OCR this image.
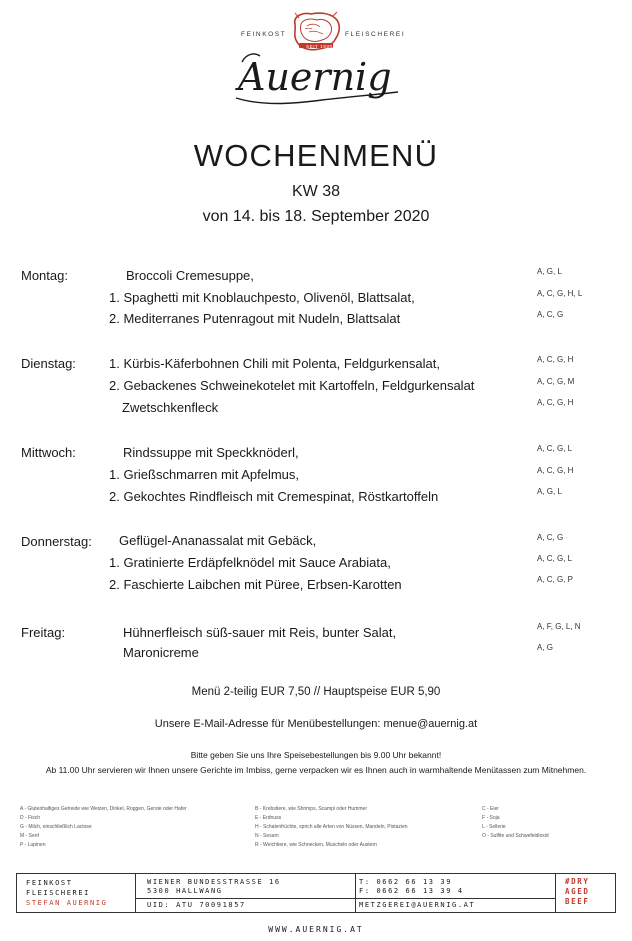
FEINKOST	FLEISCHEREI
SEIT 1930
Auernig
WOCHENMENÜ
KW 38
von 14. bis 18. September 2020
Montag:	Broccoli Cremesuppe,	A, G, L
1. Spaghetti mit Knoblauchpesto, Olivenöl, Blattsalat,	A, C, G, H, L
2. Mediterranes Putenragout mit Nudeln, Blattsalat	A, C, G
Dienstag:	1. Kürbis-Käferbohnen Chili mit Polenta, Feldgurkensalat,	A, C, G, H
2. Gebackenes Schweinekotelet mit Kartoffeln, Feldgurkensalat	A, C, G, M
Zwetschkenfleck	A, C, G, H
Mittwoch:	Rindssuppe mit Speckknöderl,	A, C, G, L
1. Grießschmarren mit Apfelmus,	A, C, G, H
2. Gekochtes Rindfleisch mit Cremespinat, Röstkartoffeln	A, G, L
Donnerstag: Geflügel-Ananassalat mit Gebäck,	A, C, G
1. Gratinierte Erdäpfelknödel mit Sauce Arabiata,	A, C, G, L
2. Faschierte Laibchen mit Püree, Erbsen-Karotten	A, C, G, P
Freitag:	Hühnerfleisch süß-sauer mit Reis, bunter Salat,	A, F, G, L, N
Maronicreme	A, G
Menü 2-teilig EUR 7,50 // Hauptspeise EUR 5,90
Unsere E-Mail-Adresse für Menübestellungen: menue@auernig.at
Bitte geben Sie uns Ihre Speisebestellungen bis 9.00 Uhr bekannt!
Ab 11.00 Uhr servieren wir Ihnen unsere Gerichte im Imbiss, gerne verpacken wir es Ihnen auch in warmhaltende Menütassen zum Mitnehmen.
A - Glutenhaltiges Getreide wie Weizen, Dinkel, Roggen, Gerste oder Hafer
D - Fisch
G - Milch, einschließlich Lactose
M - Senf
P - Lupinen
B - Krebstiere, wie Shrimps, Scampi oder Hummer
E - Erdnuss
H - Schalenfrüchte, sprich alle Arten von Nüssen, Mandeln, Pistazien
N - Sesam
R - Weichtiere, wie Schnecken, Muscheln oder Austern
C - Eier
F - Soja
L - Sellerie
O - Sulfite und Schwefeldioxid
FEINKOST
FLEISCHEREI
STEFAN AUERNIG
WIENER BUNDESSTRASSE 16
5300 HALLWANG
UID: ATU 70091857
T: 0662 66 13 39
F: 0662 66 13 39 4
METZGEREI@AUERNIG.AT
#DRY
AGED
BEEF
WWW.AUERNIG.AT
